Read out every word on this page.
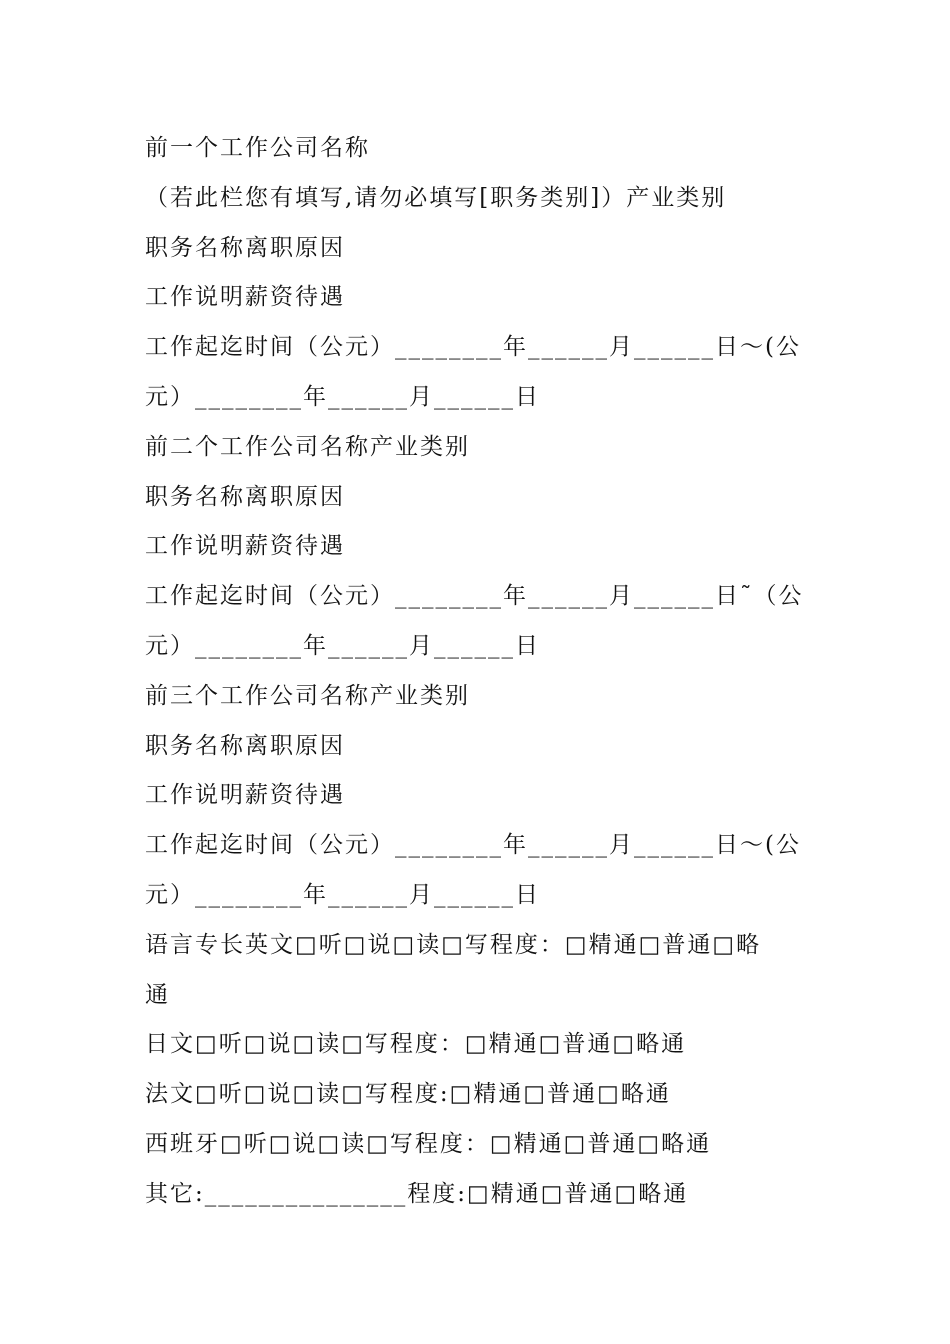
前一个工作公司名称
（若此栏您有填写,请勿必填写[职务类别]）产业类别
职务名称离职原因
工作说明薪资待遇
工作起迄时间（公元）________年______月______日～(公
元）________年______月______日
前二个工作公司名称产业类别
职务名称离职原因
工作说明薪资待遇
工作起迄时间（公元）________年______月______日˜（公
元）________年______月______日
前三个工作公司名称产业类别
职务名称离职原因
工作说明薪资待遇
工作起迄时间（公元）________年______月______日～(公
元）________年______月______日
语言专长英文□听□说□读□写程度：□精通□普通□略
通
日文□听□说□读□写程度：□精通□普通□略通
法文□听□说□读□写程度:□精通□普通□略通
西班牙□听□说□读□写程度：□精通□普通□略通
其它:_______________程度:□精通□普通□略通
